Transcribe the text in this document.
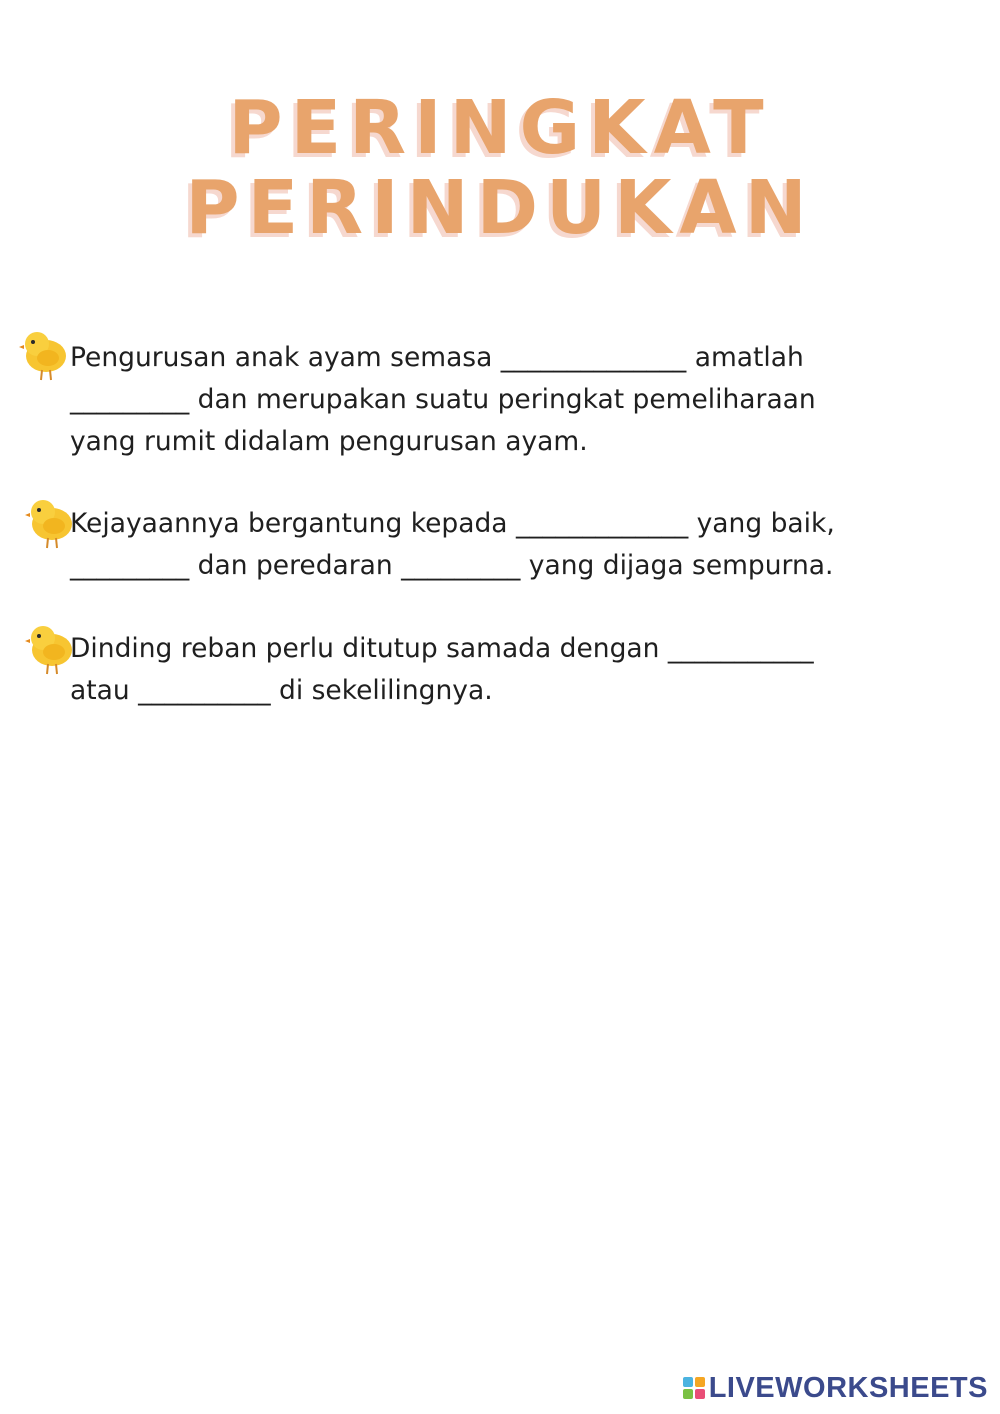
PERINGKAT
PERINDUKAN
Pengurusan anak ayam semasa ______________ amatlah
_________ dan merupakan suatu peringkat pemeliharaan
yang rumit didalam pengurusan ayam.
Kejayaannya bergantung kepada _____________ yang baik,
_________ dan peredaran _________ yang dijaga sempurna.
Dinding reban perlu ditutup samada dengan ___________
atau __________ di sekelilingnya.
LIVEWORKSHEETS
